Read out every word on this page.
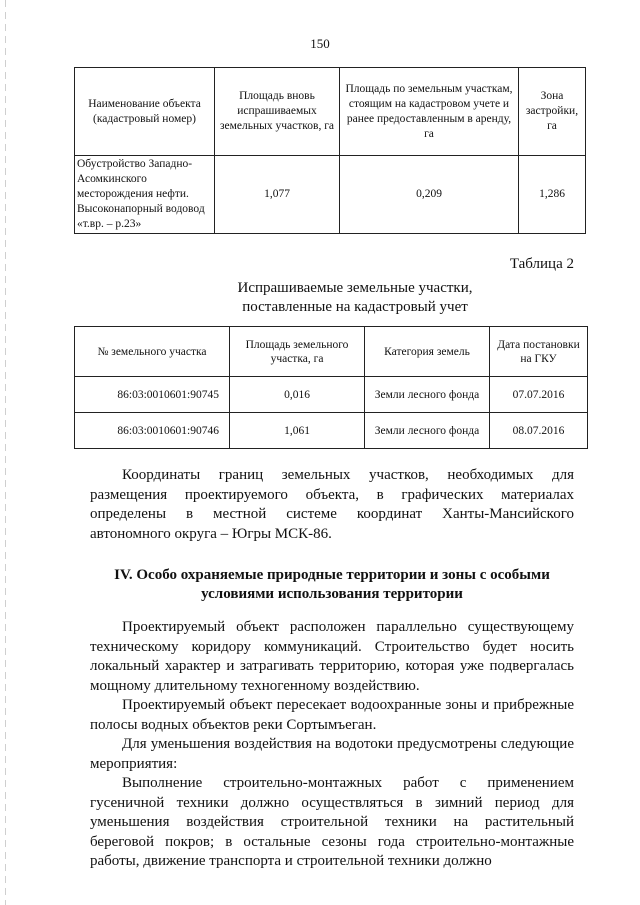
150
Наименование объекта (кадастровый номер)	Площадь вновь испрашиваемых земельных участков, га	Площадь по земельным участкам, стоящим на кадастровом учете и ранее предоставленным в аренду, га	Зона застройки, га
Обустройство Западно-Асомкинского месторождения нефти. Высоконапорный водовод «т.вр. – р.23»	1,077	0,209	1,286
Таблица 2
Испрашиваемые земельные участки,
поставленные на кадастровый учет
№ земельного участка	Площадь земельного участка, га	Категория земель	Дата постановки на ГКУ
86:03:0010601:90745	0,016	Земли лесного фонда	07.07.2016
86:03:0010601:90746	1,061	Земли лесного фонда	08.07.2016

Координаты границ земельных участков, необходимых для размещения проектируемого объекта, в графических материалах определены в местной системе координат Ханты-Мансийского автономного округа – Югры МСК-86.

IV. Особо охраняемые природные территории и зоны с особыми
условиями использования территории

Проектируемый объект расположен параллельно существующему техническому коридору коммуникаций. Строительство будет носить локальный характер и затрагивать территорию, которая уже подвергалась мощному длительному техногенному воздействию.

Проектируемый объект пересекает водоохранные зоны и прибрежные полосы водных объектов реки Сортымъеган.

Для уменьшения воздействия на водотоки предусмотрены следующие мероприятия:

Выполнение строительно-монтажных работ с применением гусеничной техники должно осуществляться в зимний период для уменьшения воздействия строительной техники на растительный береговой покров; в остальные сезоны года строительно-монтажные работы, движение транспорта и строительной техники должно
